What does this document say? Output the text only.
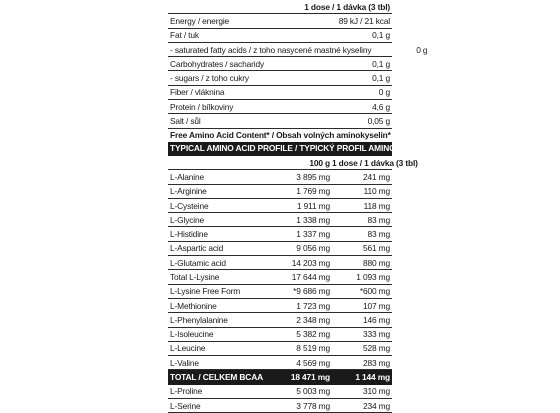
1 dose / 1 dávka (3 tbl)
Energy / energie	89 kJ / 21 kcal
Fat / tuk	0,1 g
- saturated fatty acids / z toho nasycené mastné kyseliny	0 g
Carbohydrates / sacharidy	0,1 g
- sugars / z toho cukry	0,1 g
Fiber / vláknina	0 g
Protein / bílkoviny	4,6 g
Salt / sůl	0,05 g
Free Amino Acid Content* / Obsah volných aminokyselin*
TYPICAL AMINO ACID PROFILE / TYPICKÝ PROFIL AMINOKYSELIN:
100 g 1 dose / 1 dávka (3 tbl)
L-Alanine	3 895 mg	241 mg
L-Arginine	1 769 mg	110 mg
L-Cysteine	1 911 mg	118 mg
L-Glycine	1 338 mg	83 mg
L-Histidine	1 337 mg	83 mg
L-Aspartic acid	9 056 mg	561 mg
L-Glutamic acid	14 203 mg	880 mg
Total L-Lysine	17 644 mg	1 093 mg
L-Lysine Free Form	*9 686 mg	*600 mg
L-Methionine	1 723 mg	107 mg
L-Phenylalanine	2 348 mg	146 mg
L-Isoleucine	5 382 mg	333 mg
L-Leucine	8 519 mg	528 mg
L-Valine	4 569 mg	283 mg
TOTAL / CELKEM BCAA	18 471 mg	1 144 mg
L-Proline	5 003 mg	310 mg
L-Serine	3 778 mg	234 mg
